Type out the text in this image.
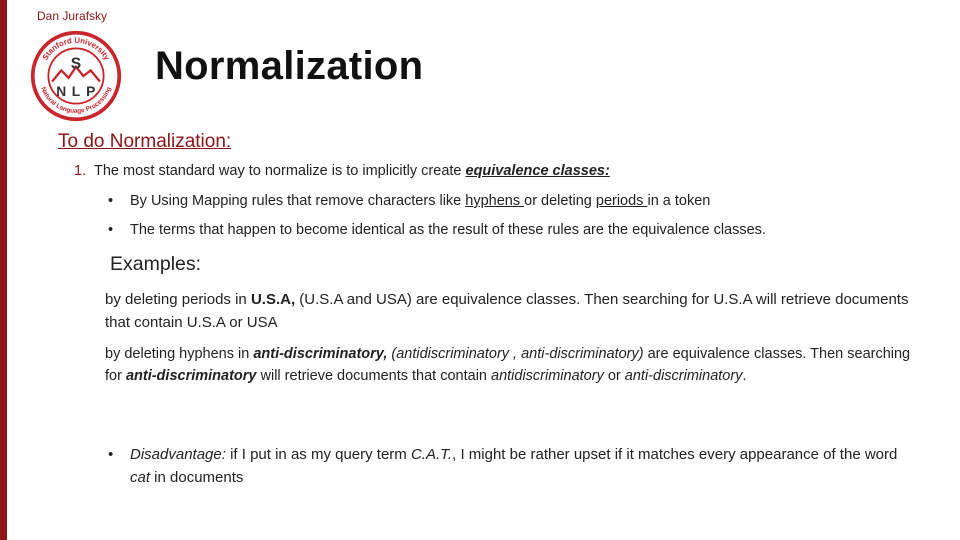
Dan Jurafsky
Stanford University
Natural Language Processing
S
N L P
Normalization
To do Normalization:
1. The most standard way to normalize is to implicitly create equivalence classes:
• By Using Mapping rules that remove characters like hyphens or deleting periods in a token
• The terms that happen to become identical as the result of these rules are the equivalence classes.
Examples:
by deleting periods in U.S.A, (U.S.A and USA) are equivalence classes. Then searching for U.S.A will retrieve documents that contain U.S.A or USA
by deleting hyphens in anti-discriminatory, (antidiscriminatory , anti-discriminatory) are equivalence classes. Then searching for anti-discriminatory will retrieve documents that contain antidiscriminatory or anti-discriminatory.
• Disadvantage: if I put in as my query term C.A.T., I might be rather upset if it matches every appearance of the word cat in documents
